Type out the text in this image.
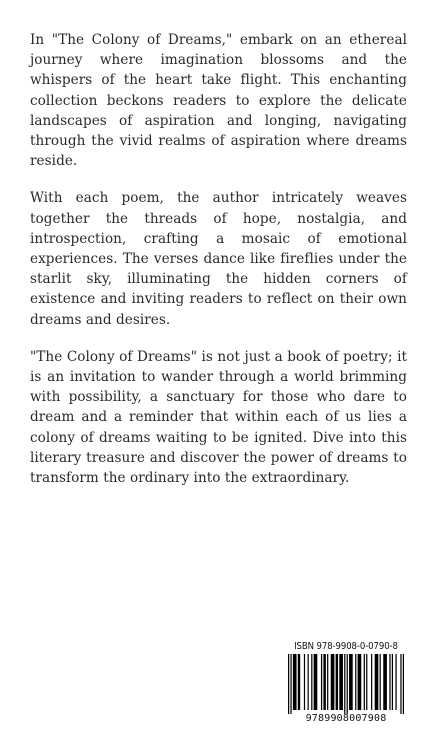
In "The Colony of Dreams," embark on an ethereal journey where imagination blossoms and the whispers of the heart take flight. This enchanting collection beckons readers to explore the delicate landscapes of aspiration and longing, navigating through the vivid realms of aspiration where dreams reside.

With each poem, the author intricately weaves together the threads of hope, nostalgia, and introspection, crafting a mosaic of emotional experiences. The verses dance like fireflies under the starlit sky, illuminating the hidden corners of existence and inviting readers to reflect on their own dreams and desires.

"The Colony of Dreams" is not just a book of poetry; it is an invitation to wander through a world brimming with possibility, a sanctuary for those who dare to dream and a reminder that within each of us lies a colony of dreams waiting to be ignited. Dive into this literary treasure and discover the power of dreams to transform the ordinary into the extraordinary.

ISBN 978-9908-0-0790-8
9789908007908
